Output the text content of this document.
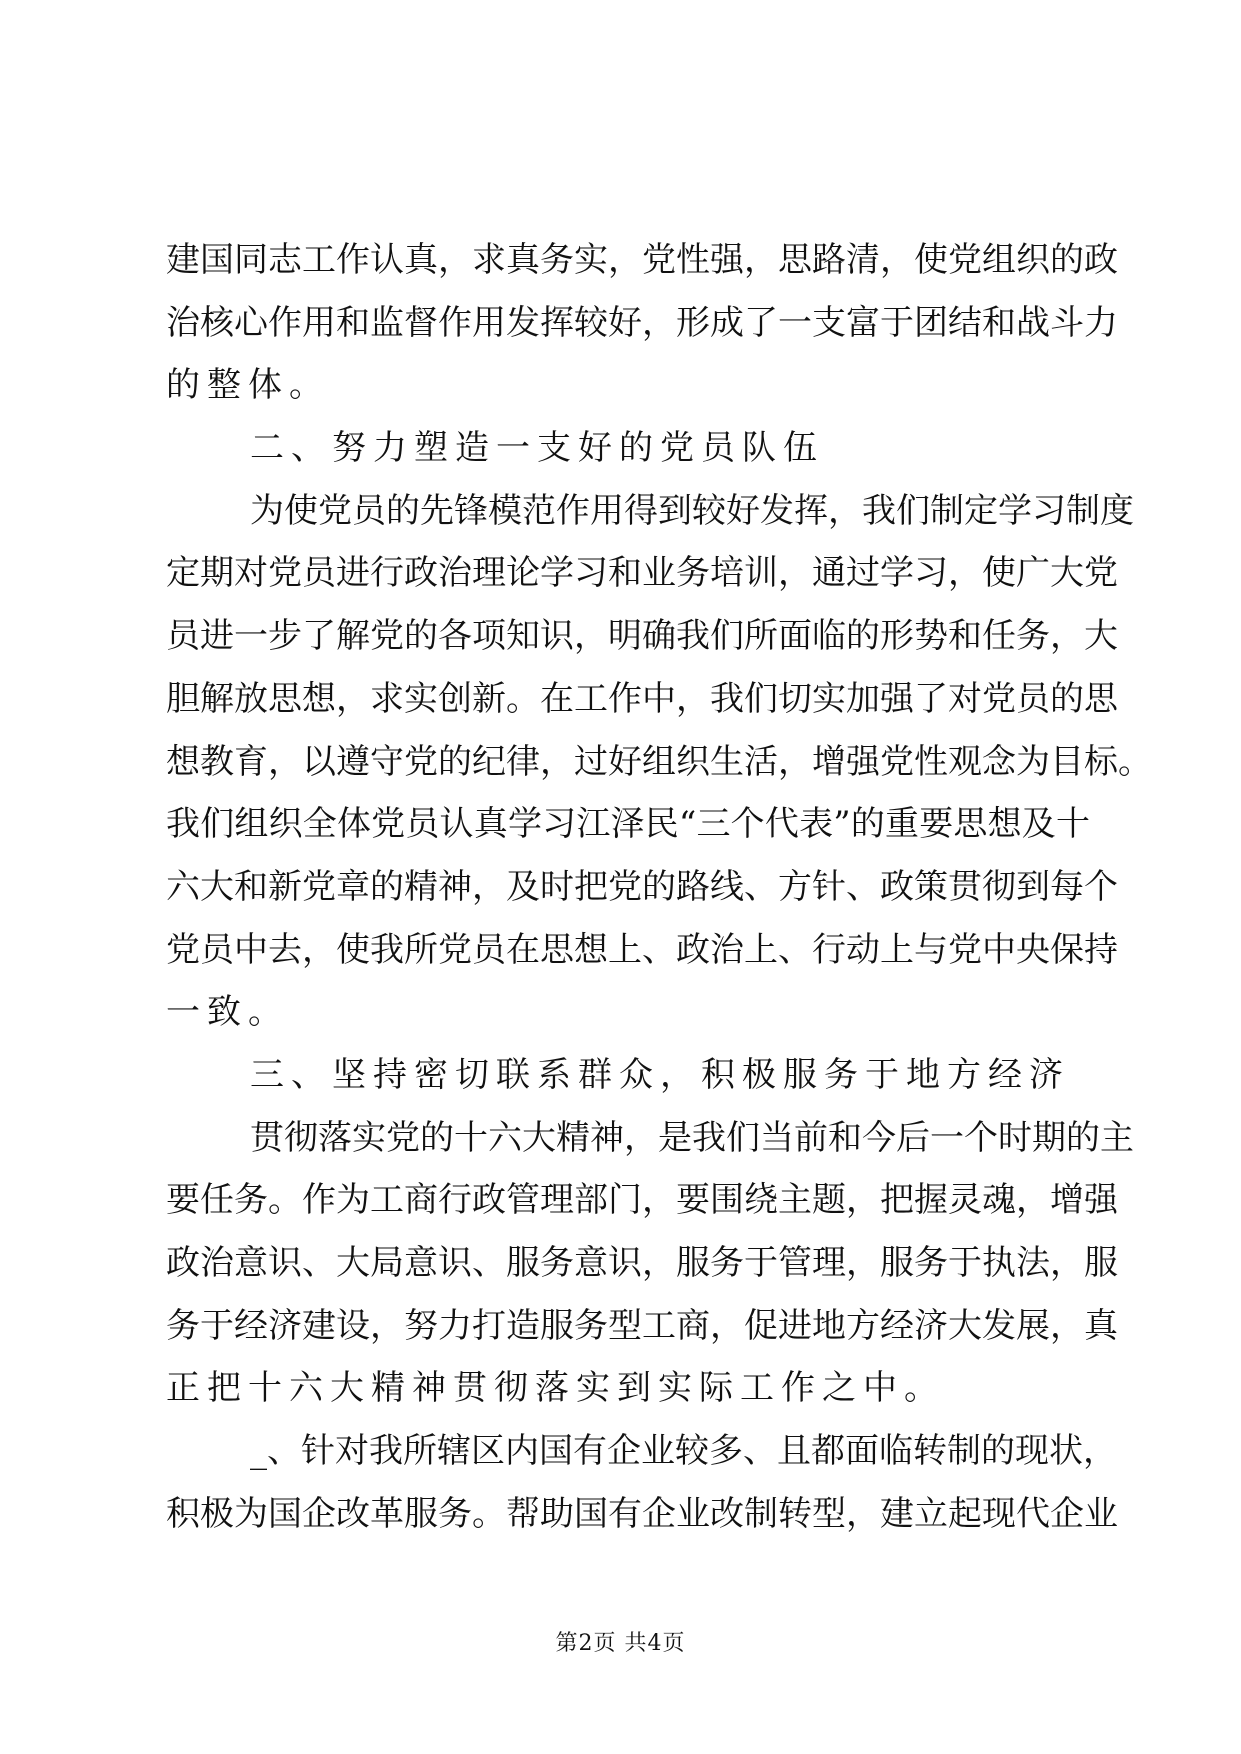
建国同志工作认真，求真务实，党性强，思路清，使党组织的政
治核心作用和监督作用发挥较好，形成了一支富于团结和战斗力
的整体。
二、努力塑造一支好的党员队伍
为使党员的先锋模范作用得到较好发挥，我们制定学习制度
定期对党员进行政治理论学习和业务培训，通过学习，使广大党
员进一步了解党的各项知识，明确我们所面临的形势和任务，大
胆解放思想，求实创新。在工作中，我们切实加强了对党员的思
想教育，以遵守党的纪律，过好组织生活，增强党性观念为目标。
我们组织全体党员认真学习江泽民“三个代表”的重要思想及十
六大和新党章的精神，及时把党的路线、方针、政策贯彻到每个
党员中去，使我所党员在思想上、政治上、行动上与党中央保持
一致。
三、坚持密切联系群众，积极服务于地方经济
贯彻落实党的十六大精神，是我们当前和今后一个时期的主
要任务。作为工商行政管理部门，要围绕主题，把握灵魂，增强
政治意识、大局意识、服务意识，服务于管理，服务于执法，服
务于经济建设，努力打造服务型工商，促进地方经济大发展，真
正把十六大精神贯彻落实到实际工作之中。
_、针对我所辖区内国有企业较多、且都面临转制的现状，
积极为国企改革服务。帮助国有企业改制转型，建立起现代企业
第2页 共4页
